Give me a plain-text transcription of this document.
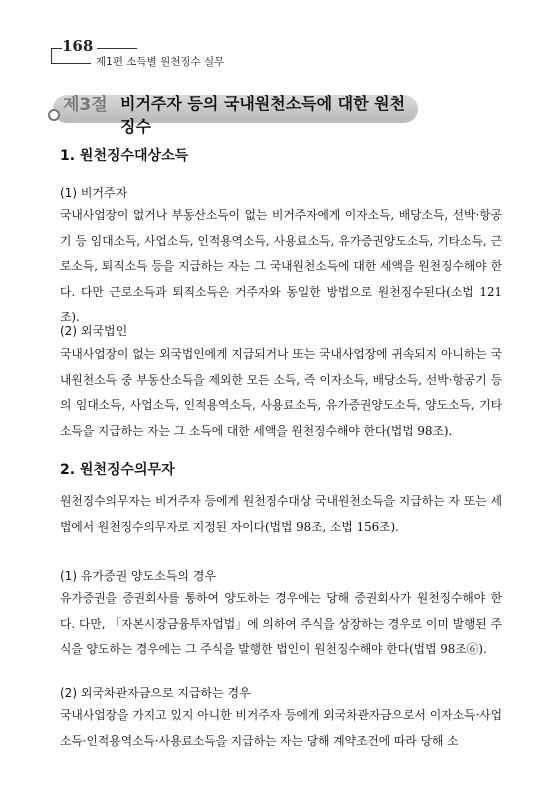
168
제1편 소득별 원천징수 실무
제3절 비거주자 등의 국내원천소득에 대한 원천징수
1. 원천징수대상소득
(1) 비거주자

국내사업장이 없거나 부동산소득이 없는 비거주자에게 이자소득, 배당소득, 선박·항공기 등 임대소득, 사업소득, 인적용역소득, 사용료소득, 유가증권양도소득, 기타소득, 근로소득, 퇴직소득 등을 지급하는 자는 그 국내원천소득에 대한 세액을 원천징수해야 한다. 다만 근로소득과 퇴직소득은 거주자와 동일한 방법으로 원천징수된다(소법 121조).

(2) 외국법인

국내사업장이 없는 외국법인에게 지급되거나 또는 국내사업장에 귀속되지 아니하는 국내원천소득 중 부동산소득을 제외한 모든 소득, 즉 이자소득, 배당소득, 선박·항공기 등의 임대소득, 사업소득, 인적용역소득, 사용료소득, 유가증권양도소득, 양도소득, 기타소득을 지급하는 자는 그 소득에 대한 세액을 원천징수해야 한다(법법 98조).

2. 원천징수의무자

원천징수의무자는 비거주자 등에게 원천징수대상 국내원천소득을 지급하는 자 또는 세법에서 원천징수의무자로 지정된 자이다(법법 98조, 소법 156조).

(1) 유가증권 양도소득의 경우

유가증권을 증권회사를 통하여 양도하는 경우에는 당해 증권회사가 원천징수해야 한다. 다만, 「자본시장금융투자업법」에 의하여 주식을 상장하는 경우로 이미 발행된 주식을 양도하는 경우에는 그 주식을 발행한 법인이 원천징수해야 한다(법법 98조⑥).

(2) 외국차관자금으로 지급하는 경우

국내사업장을 가지고 있지 아니한 비거주자 등에게 외국차관자금으로서 이자소득·사업소득·인적용역소득·사용료소득을 지급하는 자는 당해 계약조건에 따라 당해 소
